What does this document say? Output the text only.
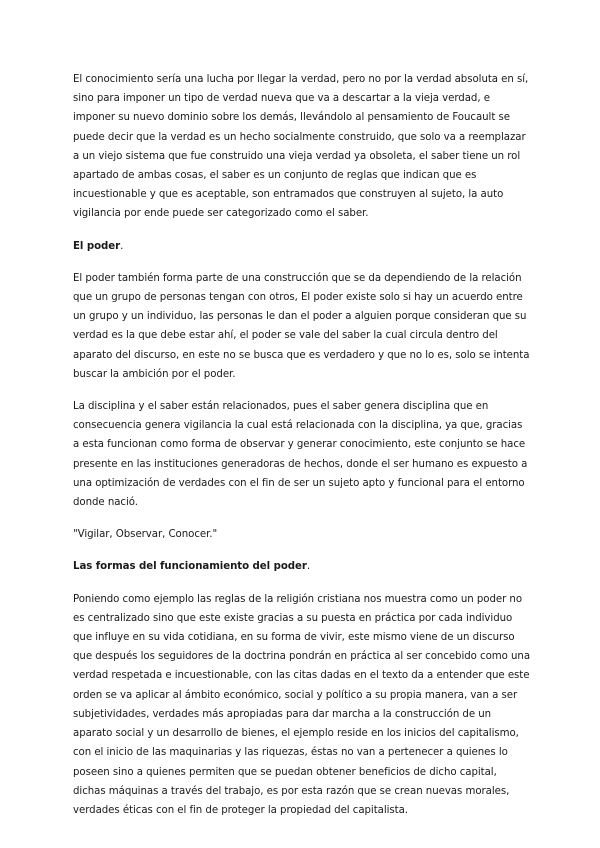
El conocimiento sería una lucha por llegar la verdad, pero no por la verdad absoluta en sí, sino para imponer un tipo de verdad nueva que va a descartar a la vieja verdad, e imponer su nuevo dominio sobre los demás, llevándolo al pensamiento de Foucault se puede decir que la verdad es un hecho socialmente construido, que solo va a reemplazar a un viejo sistema que fue construido una vieja verdad ya obsoleta, el saber tiene un rol apartado de ambas cosas, el saber es un conjunto de reglas que indican que es incuestionable y que es aceptable, son entramados que construyen al sujeto, la auto vigilancia por ende puede ser categorizado como el saber.

El poder.

El poder también forma parte de una construcción que se da dependiendo de la relación que un grupo de personas tengan con otros, El poder existe solo si hay un acuerdo entre un grupo y un individuo, las personas le dan el poder a alguien porque consideran que su verdad es la que debe estar ahí, el poder se vale del saber la cual circula dentro del aparato del discurso, en este no se busca que es verdadero y que no lo es, solo se intenta buscar la ambición por el poder.

La disciplina y el saber están relacionados, pues el saber genera disciplina que en consecuencia genera vigilancia la cual está relacionada con la disciplina, ya que, gracias a esta funcionan como forma de observar y generar conocimiento, este conjunto se hace presente en las instituciones generadoras de hechos, donde el ser humano es expuesto a una optimización de verdades con el fin de ser un sujeto apto y funcional para el entorno donde nació.

"Vigilar, Observar, Conocer."

Las formas del funcionamiento del poder.

Poniendo como ejemplo las reglas de la religión cristiana nos muestra como un poder no es centralizado sino que este existe gracias a su puesta en práctica por cada individuo que influye en su vida cotidiana, en su forma de vivir, este mismo viene de un discurso que después los seguidores de la doctrina pondrán en práctica al ser concebido como una verdad respetada e incuestionable, con las citas dadas en el texto da a entender que este orden se va aplicar al ámbito económico, social y político a su propia manera, van a ser subjetividades, verdades más apropiadas para dar marcha a la construcción de un aparato social y un desarrollo de bienes, el ejemplo reside en los inicios del capitalismo, con el inicio de las maquinarias y las riquezas, éstas no van a pertenecer a quienes lo poseen sino a quienes permiten que se puedan obtener beneficios de dicho capital, dichas máquinas a través del trabajo, es por esta razón que se crean nuevas morales, verdades éticas con el fin de proteger la propiedad del capitalista.
